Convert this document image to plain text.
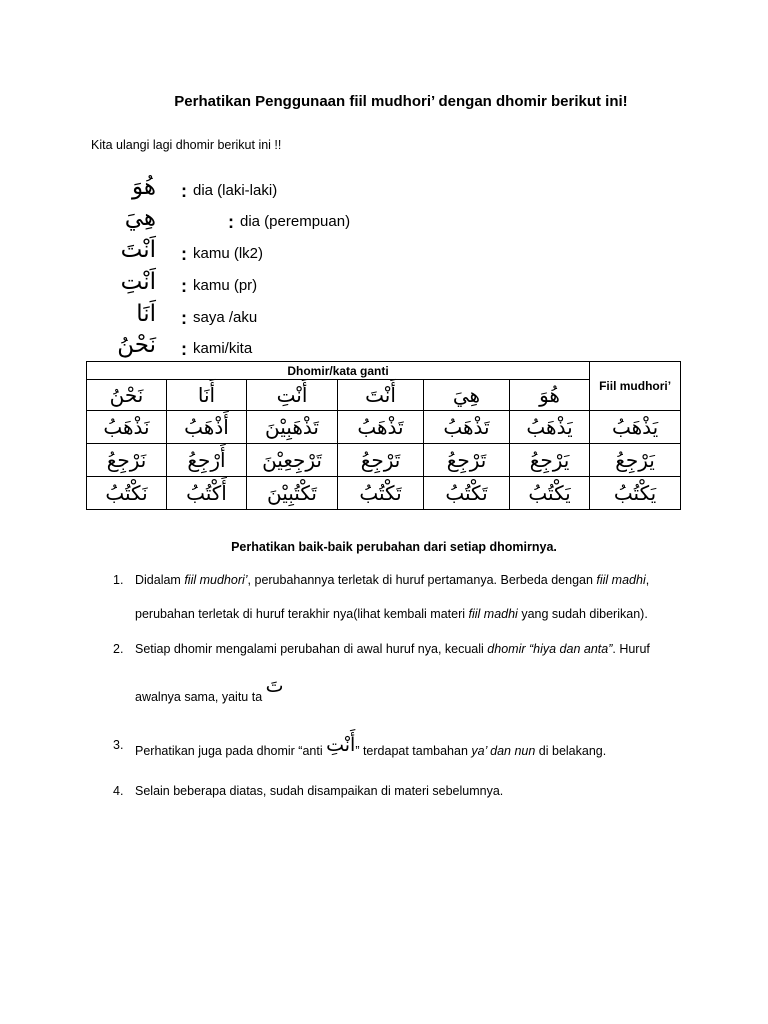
Perhatikan Penggunaan fiil mudhori’ dengan dhomir berikut ini!
Kita ulangi lagi dhomir berikut ini !!
هُوَ : dia (laki-laki)
هِيَ	: dia (perempuan)
اَنْتَ : kamu (lk2)
اَنْتِ : kamu (pr)
اَنَا : saya /aku
نَحْنُ : kami/kita
Dhomir/kata ganti						Fiil mudhori’
نَحْنُ	أَنَا	أَنْتِ	أَنْتَ	هِيَ	هُوَ	
نَذْهَبُ	أَذْهَبُ	تَذْهَبِيْنَ	تَذْهَبُ	تَذْهَبُ	يَذْهَبُ	يَذْهَبُ
نَرْجِعُ	أَرْجِعُ	تَرْجِعِيْنَ	تَرْجِعُ	تَرْجِعُ	يَرْجِعُ	يَرْجِعُ
نَكْتُبُ	أَكْتُبُ	تَكْتُبِيْنَ	تَكْتُبُ	تَكْتُبُ	يَكْتُبُ	يَكْتُبُ
Perhatikan baik-baik perubahan dari setiap dhomirnya.
1. Didalam fiil mudhori’, perubahannya terletak di huruf pertamanya. Berbeda dengan fiil madhi,
perubahan terletak di huruf terakhir nya(lihat kembali materi fiil madhi yang sudah diberikan).
2. Setiap dhomir mengalami perubahan di awal huruf nya, kecuali dhomir “hiya dan anta”. Huruf
awalnya sama, yaitu ta تَ
3. Perhatikan juga pada dhomir “anti أَنْتِ” terdapat tambahan ya’ dan nun di belakang.
4. Selain beberapa diatas, sudah disampaikan di materi sebelumnya.
